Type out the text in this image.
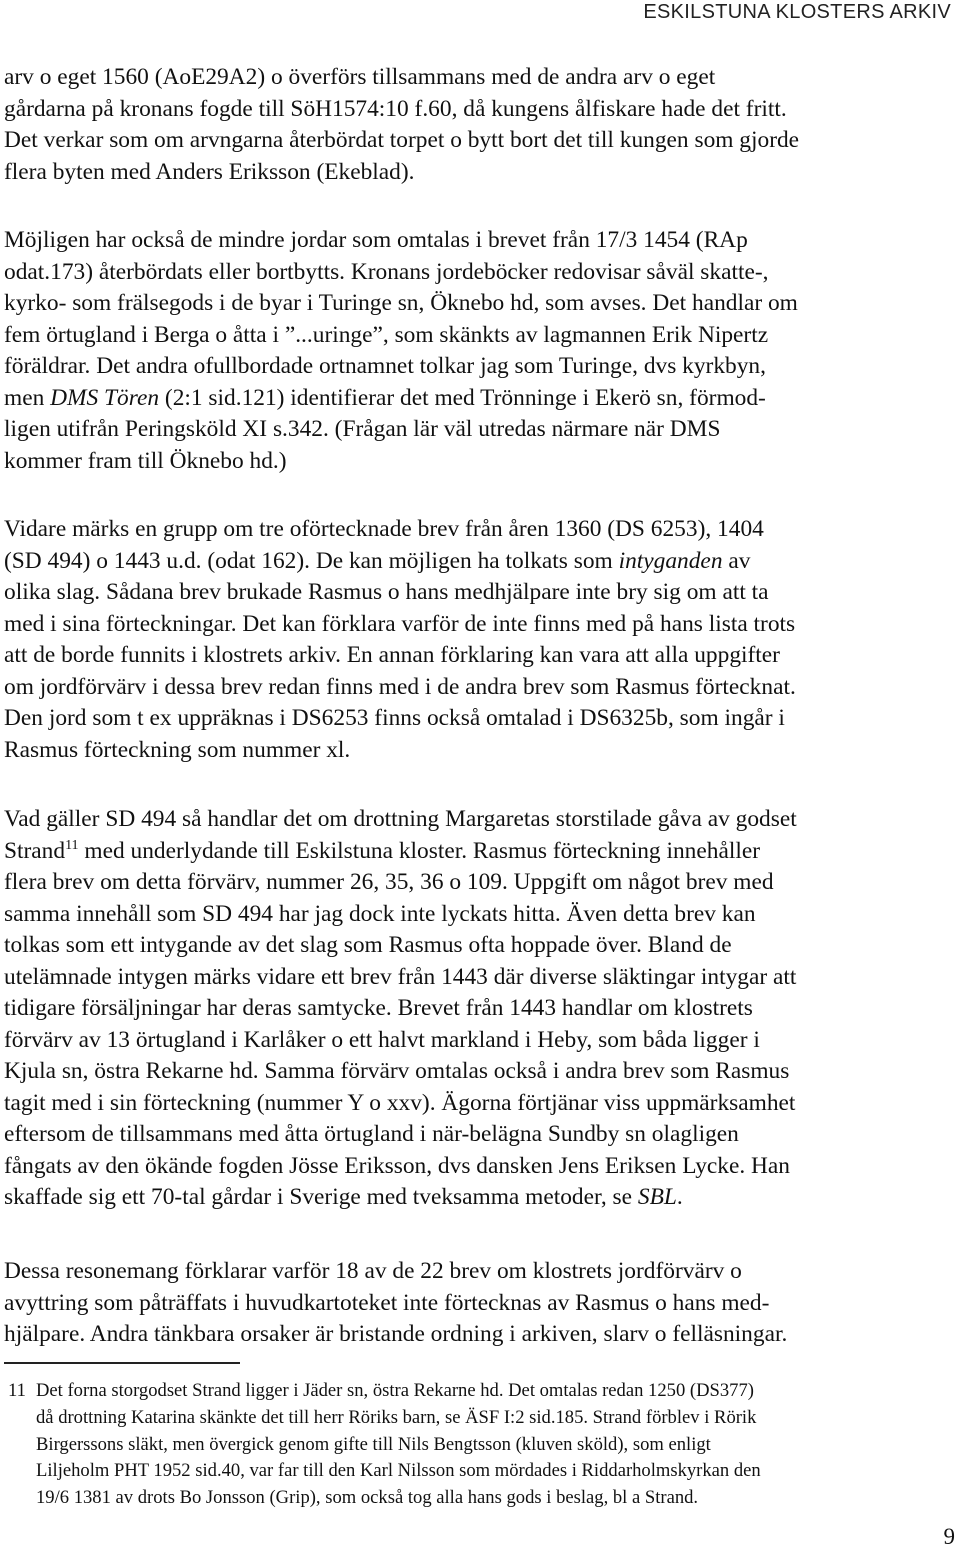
ESKILSTUNA KLOSTERS ARKIV
arv o eget 1560 (AoE29A2) o överförs tillsammans med de andra arv o eget
gårdarna på kronans fogde till SöH1574:10 f.60, då kungens ålfiskare hade det fritt.
Det verkar som om arvngarna återbördat torpet o bytt bort det till kungen som gjorde
flera byten med Anders Eriksson (Ekeblad).
Möjligen har också de mindre jordar som omtalas i brevet från 17/3 1454 (RAp
odat.173) återbördats eller bortbytts. Kronans jordeböcker redovisar såväl skatte-,
kyrko- som frälsegods i de byar i Turinge sn, Öknebo hd, som avses. Det handlar om
fem örtugland i Berga o åtta i ”...uringe”, som skänkts av lagmannen Erik Nipertz
föräldrar. Det andra ofullbordade ortnamnet tolkar jag som Turinge, dvs kyrkbyn,
men DMS Tören (2:1 sid.121) identifierar det med Trönninge i Ekerö sn, förmod-
ligen utifrån Peringsköld XI s.342. (Frågan lär väl utredas närmare när DMS
kommer fram till Öknebo hd.)
Vidare märks en grupp om tre oförtecknade brev från åren 1360 (DS 6253), 1404
(SD 494) o 1443 u.d. (odat 162). De kan möjligen ha tolkats som intyganden av
olika slag. Sådana brev brukade Rasmus o hans medhjälpare inte bry sig om att ta
med i sina förteckningar. Det kan förklara varför de inte finns med på hans lista trots
att de borde funnits i klostrets arkiv. En annan förklaring kan vara att alla uppgifter
om jordförvärv i dessa brev redan finns med i de andra brev som Rasmus förtecknat.
Den jord som t ex uppräknas i DS6253 finns också omtalad i DS6325b, som ingår i
Rasmus förteckning som nummer xl.
Vad gäller SD 494 så handlar det om drottning Margaretas storstilade gåva av godset
Strand$^{11}$ med underlydande till Eskilstuna kloster. Rasmus förteckning innehåller
flera brev om detta förvärv, nummer 26, 35, 36 o 109. Uppgift om något brev med
samma innehåll som SD 494 har jag dock inte lyckats hitta. Även detta brev kan
tolkas som ett intygande av det slag som Rasmus ofta hoppade över. Bland de
utelämnade intygen märks vidare ett brev från 1443 där diverse släktingar intygar att
tidigare försäljningar har deras samtycke. Brevet från 1443 handlar om klostrets
förvärv av 13 örtugland i Karlåker o ett halvt markland i Heby, som båda ligger i
Kjula sn, östra Rekarne hd. Samma förvärv omtalas också i andra brev som Rasmus
tagit med i sin förteckning (nummer Y o xxv). Ägorna förtjänar viss uppmärksamhet
eftersom de tillsammans med åtta örtugland i när-belägna Sundby sn olagligen
fångats av den ökände fogden Jösse Eriksson, dvs dansken Jens Eriksen Lycke. Han
skaffade sig ett 70-tal gårdar i Sverige med tveksamma metoder, se SBL.
Dessa resonemang förklarar varför 18 av de 22 brev om klostrets jordförvärv o
avyttring som påträffats i huvudkartoteket inte förtecknas av Rasmus o hans med-
hjälpare. Andra tänkbara orsaker är bristande ordning i arkiven, slarv o felläsningar.
11 Det forna storgodset Strand ligger i Jäder sn, östra Rekarne hd. Det omtalas redan 1250 (DS377)
då drottning Katarina skänkte det till herr Röriks barn, se ÄSF I:2 sid.185. Strand förblev i Rörik
Birgerssons släkt, men övergick genom gifte till Nils Bengtsson (kluven sköld), som enligt
Liljeholm PHT 1952 sid.40, var far till den Karl Nilsson som mördades i Riddarholmskyrkan den
19/6 1381 av drots Bo Jonsson (Grip), som också tog alla hans gods i beslag, bl a Strand.
9
